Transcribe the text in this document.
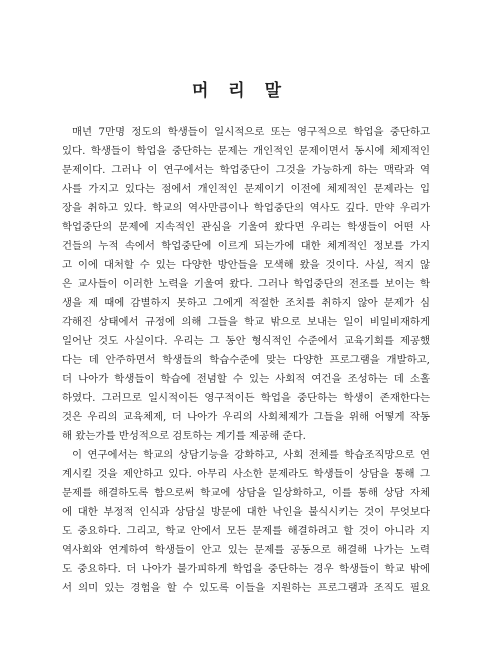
머 리 말
매년 7만명 정도의 학생들이 일시적으로 또는 영구적으로 학업을 중단하고
있다. 학생들이 학업을 중단하는 문제는 개인적인 문제이면서 동시에 체제적인
문제이다. 그러나 이 연구에서는 학업중단이 그것을 가능하게 하는 맥락과 역
사를 가지고 있다는 점에서 개인적인 문제이기 이전에 체제적인 문제라는 입
장을 취하고 있다. 학교의 역사만큼이나 학업중단의 역사도 깊다. 만약 우리가
학업중단의 문제에 지속적인 관심을 기울여 왔다면 우리는 학생들이 어떤 사
건들의 누적 속에서 학업중단에 이르게 되는가에 대한 체계적인 정보를 가지
고 이에 대처할 수 있는 다양한 방안들을 모색해 왔을 것이다. 사실, 적지 않
은 교사들이 이러한 노력을 기울여 왔다. 그러나 학업중단의 전조를 보이는 학
생을 제 때에 감별하지 못하고 그에게 적절한 조치를 취하지 않아 문제가 심
각해진 상태에서 규정에 의해 그들을 학교 밖으로 보내는 일이 비일비재하게
일어난 것도 사실이다. 우리는 그 동안 형식적인 수준에서 교육기회를 제공했
다는 데 안주하면서 학생들의 학습수준에 맞는 다양한 프로그램을 개발하고,
더 나아가 학생들이 학습에 전념할 수 있는 사회적 여건을 조성하는 데 소홀
하였다. 그러므로 일시적이든 영구적이든 학업을 중단하는 학생이 존재한다는
것은 우리의 교육체제, 더 나아가 우리의 사회체제가 그들을 위해 어떻게 작동
해 왔는가를 반성적으로 검토하는 계기를 제공해 준다.
이 연구에서는 학교의 상담기능을 강화하고, 사회 전체를 학습조직망으로 연
계시킬 것을 제안하고 있다. 아무리 사소한 문제라도 학생들이 상담을 통해 그
문제를 해결하도록 함으로써 학교에 상담을 일상화하고, 이를 통해 상담 자체
에 대한 부정적 인식과 상담실 방문에 대한 낙인을 불식시키는 것이 무엇보다
도 중요하다. 그리고, 학교 안에서 모든 문제를 해결하려고 할 것이 아니라 지
역사회와 연계하여 학생들이 안고 있는 문제를 공동으로 해결해 나가는 노력
도 중요하다. 더 나아가 불가피하게 학업을 중단하는 경우 학생들이 학교 밖에
서 의미 있는 경험을 할 수 있도록 이들을 지원하는 프로그램과 조직도 필요
